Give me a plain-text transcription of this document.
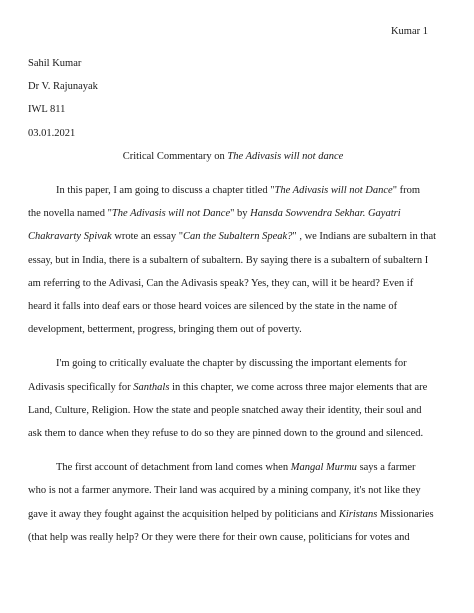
Kumar 1

Sahil Kumar

Dr V. Rajunayak

IWL 811

03.01.2021

Critical Commentary on The Adivasis will not dance

In this paper, I am going to discuss a chapter titled "The Adivasis will not Dance" from
the novella named "The Adivasis will not Dance" by Hansda Sowvendra Sekhar. Gayatri
Chakravarty Spivak wrote an essay "Can the Subaltern Speak?" , we Indians are subaltern in that
essay, but in India, there is a subaltern of subaltern. By saying there is a subaltern of subaltern I
am referring to the Adivasi, Can the Adivasis speak? Yes, they can, will it be heard? Even if
heard it falls into deaf ears or those heard voices are silenced by the state in the name of
development, betterment, progress, bringing them out of poverty.
I'm going to critically evaluate the chapter by discussing the important elements for
Adivasis specifically for Santhals in this chapter, we come across three major elements that are
Land, Culture, Religion. How the state and people snatched away their identity, their soul and
ask them to dance when they refuse to do so they are pinned down to the ground and silenced.
The first account of detachment from land comes when Mangal Murmu says a farmer
who is not a farmer anymore. Their land was acquired by a mining company, it's not like they
gave it away they fought against the acquisition helped by politicians and Kiristans Missionaries
(that help was really help? Or they were there for their own cause, politicians for votes and
